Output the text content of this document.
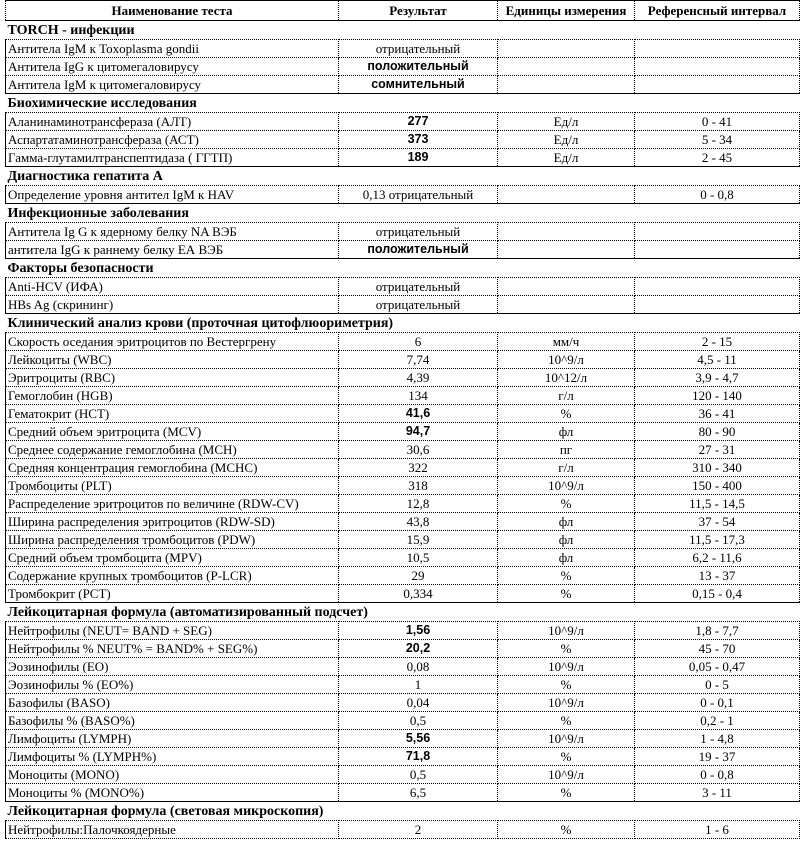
Наименование теста	Результат	Единицы измерения	Референсный интервал
TORCH - инфекции			
Антитела IgM к Toxoplasma gondii	отрицательный		
Антитела IgG к цитомегаловирусу	положительный		
Антитела IgM к цитомегаловирусу	сомнительный		
Биохимические исследования			
Аланинаминотрансфераза (АЛТ)	277	Ед/л	0 - 41
Аспартатаминотрансфераза (АСТ)	373	Ед/л	5 - 34
Гамма-глутамилтранспептидаза ( ГГТП)	189	Ед/л	2 - 45
Диагностика гепатита А			
Определение уровня антител IgM к HAV	0,13 отрицательный		0 - 0,8
Инфекционные заболевания			
Антитела Ig G к ядерному белку NA ВЭБ	отрицательный		
антитела IgG к раннему белку ЕА ВЭБ	положительный		
Факторы безопасности			
Anti-HCV (ИФА)	отрицательный		
HBs Ag (скрининг)	отрицательный		
Клинический анализ крови (проточная цитофлюориметрия)			
Скорость оседания эритроцитов по Вестергрену	6	мм/ч	2 - 15
Лейкоциты (WBC)	7,74	10^9/л	4,5 - 11
Эритроциты (RBC)	4,39	10^12/л	3,9 - 4,7
Гемоглобин (HGB)	134	г/л	120 - 140
Гематокрит (HCT)	41,6	%	36 - 41
Средний объем эритроцита (MCV)	94,7	фл	80 - 90
Среднее содержание гемоглобина (MCH)	30,6	пг	27 - 31
Средняя концентрация гемоглобина (MCHC)	322	г/л	310 - 340
Тромбоциты (PLT)	318	10^9/л	150 - 400
Распределение эритроцитов по величине (RDW-CV)	12,8	%	11,5 - 14,5
Ширина распределения эритроцитов (RDW-SD)	43,8	фл	37 - 54
Ширина распределения тромбоцитов (PDW)	15,9	фл	11,5 - 17,3
Средний объем тромбоцита (MPV)	10,5	фл	6,2 - 11,6
Содержание крупных тромбоцитов (P-LCR)	29	%	13 - 37
Тромбокрит (PCT)	0,334	%	0,15 - 0,4
Лейкоцитарная формула (автоматизированный подсчет)			
Нейтрофилы (NEUT= BAND + SEG)	1,56	10^9/л	1,8 - 7,7
Нейтрофилы % NEUT% = BAND% + SEG%)	20,2	%	45 - 70
Эозинофилы (EO)	0,08	10^9/л	0,05 - 0,47
Эозинофилы % (EO%)	1	%	0 - 5
Базофилы (BASO)	0,04	10^9/л	0 - 0,1
Базофилы % (BASO%)	0,5	%	0,2 - 1
Лимфоциты (LYMPH)	5,56	10^9/л	1 - 4,8
Лимфоциты % (LYMPH%)	71,8	%	19 - 37
Моноциты (MONO)	0,5	10^9/л	0 - 0,8
Моноциты % (MONO%)	6,5	%	3 - 11
Лейкоцитарная формула (световая микроскопия)			
Нейтрофилы:Палочкоядерные	2	%	1 - 6
